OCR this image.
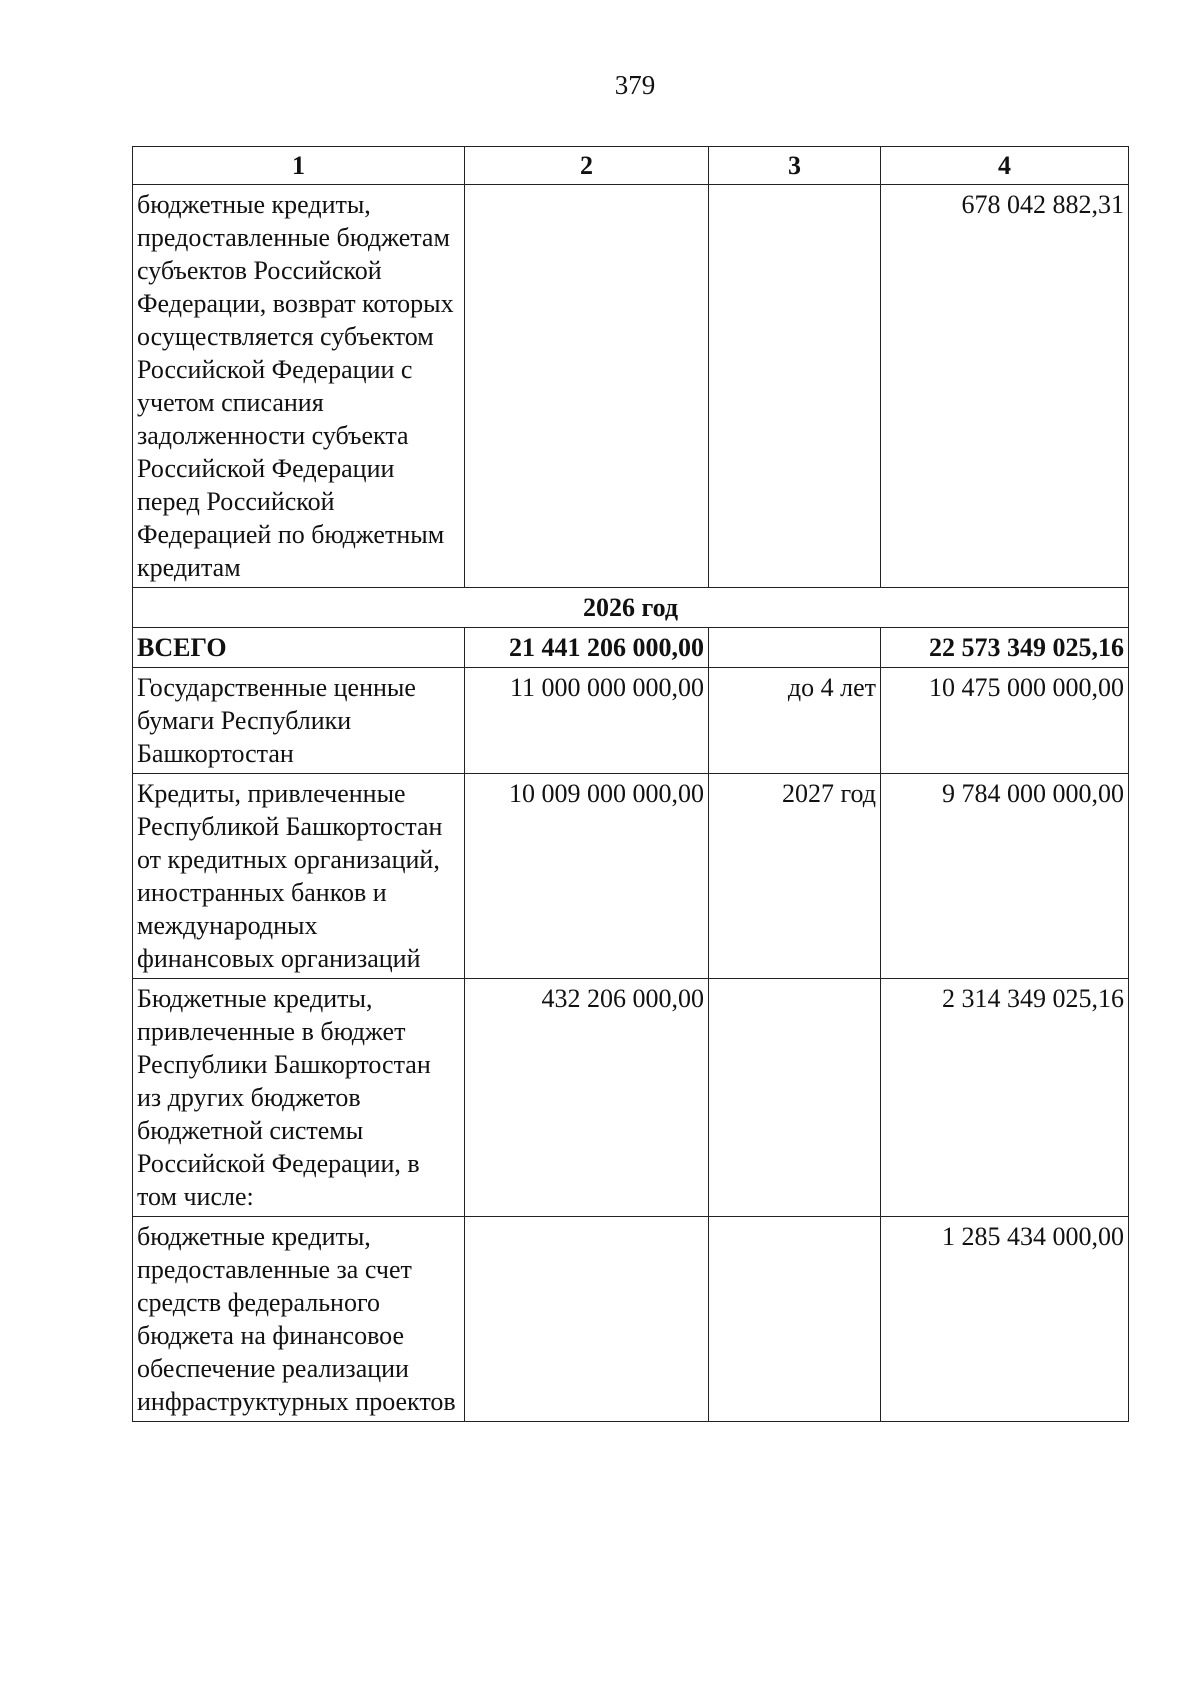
379
1	2	3	4
бюджетные кредиты, предоставленные бюджетам субъектов Российской Федерации, возврат которых осуществляется субъектом Российской Федерации с учетом списания задолженности субъекта Российской Федерации перед Российской Федерацией по бюджетным кредитам			678 042 882,31
2026 год			
ВСЕГО	21 441 206 000,00		22 573 349 025,16
Государственные ценные бумаги Республики Башкортостан	11 000 000 000,00	до 4 лет	10 475 000 000,00
Кредиты, привлеченные Республикой Башкортостан от кредитных организаций, иностранных банков и международных финансовых организаций	10 009 000 000,00	2027 год	9 784 000 000,00
Бюджетные кредиты, привлеченные в бюджет Республики Башкортостан из других бюджетов бюджетной системы Российской Федерации, в том числе:	432 206 000,00		2 314 349 025,16
бюджетные кредиты, предоставленные за счет средств федерального бюджета на финансовое обеспечение реализации инфраструктурных проектов			1 285 434 000,00
